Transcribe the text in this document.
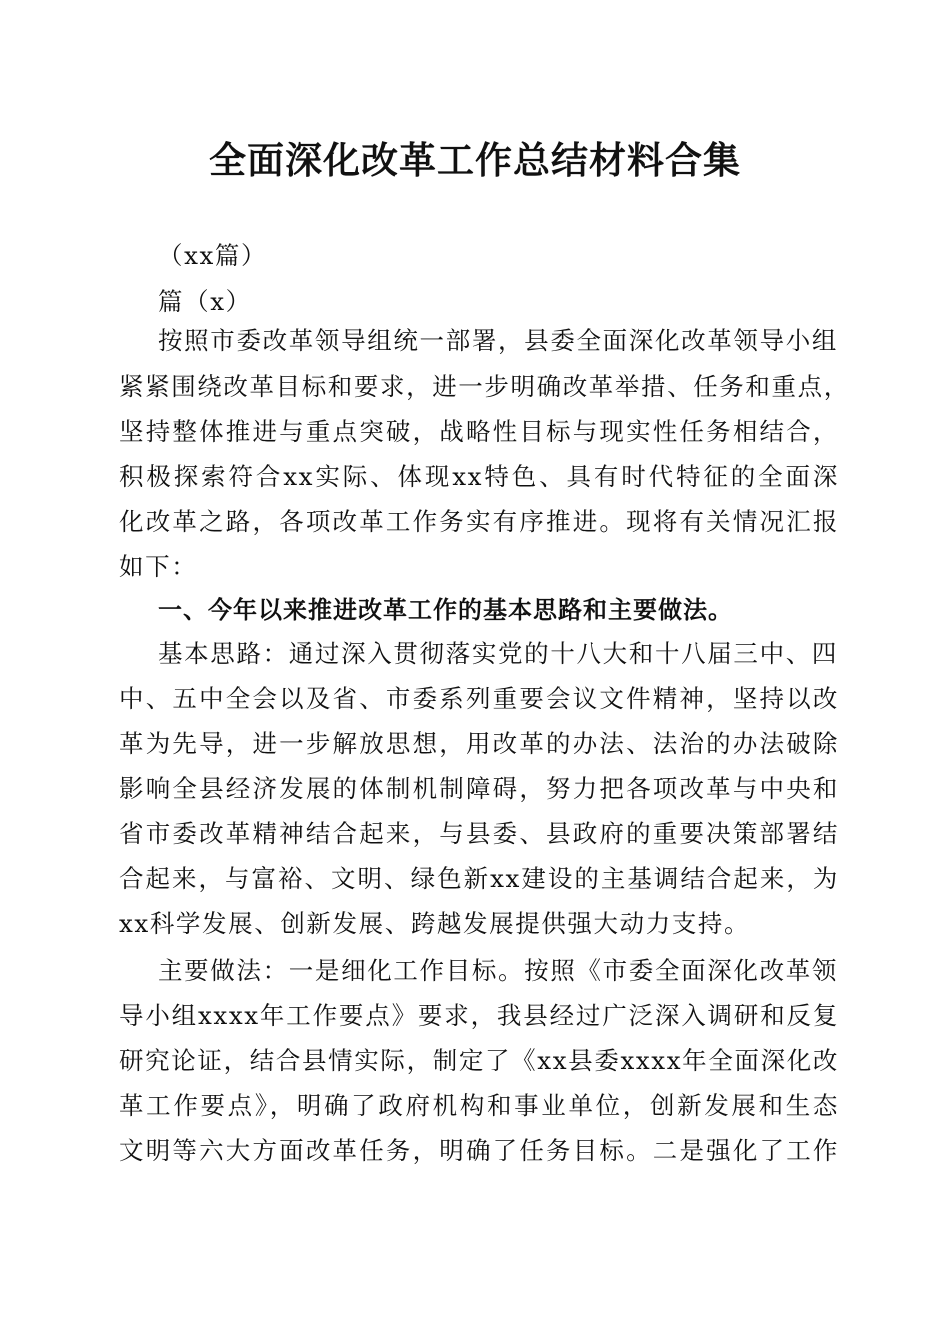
全面深化改革工作总结材料合集
（xx篇）
篇（x）
按照市委改革领导组统一部署，县委全面深化改革领导小组
紧紧围绕改革目标和要求，进一步明确改革举措、任务和重点，
坚持整体推进与重点突破，战略性目标与现实性任务相结合，
积极探索符合xx实际、体现xx特色、具有时代特征的全面深
化改革之路，各项改革工作务实有序推进。现将有关情况汇报
如下：
一、今年以来推进改革工作的基本思路和主要做法。
基本思路：通过深入贯彻落实党的十八大和十八届三中、四
中、五中全会以及省、市委系列重要会议文件精神，坚持以改
革为先导，进一步解放思想，用改革的办法、法治的办法破除
影响全县经济发展的体制机制障碍，努力把各项改革与中央和
省市委改革精神结合起来，与县委、县政府的重要决策部署结
合起来，与富裕、文明、绿色新xx建设的主基调结合起来，为
xx科学发展、创新发展、跨越发展提供强大动力支持。
主要做法：一是细化工作目标。按照《市委全面深化改革领
导小组xxxx年工作要点》要求，我县经过广泛深入调研和反复
研究论证，结合县情实际，制定了《xx县委xxxx年全面深化改
革工作要点》，明确了政府机构和事业单位，创新发展和生态
文明等六大方面改革任务，明确了任务目标。二是强化了工作
